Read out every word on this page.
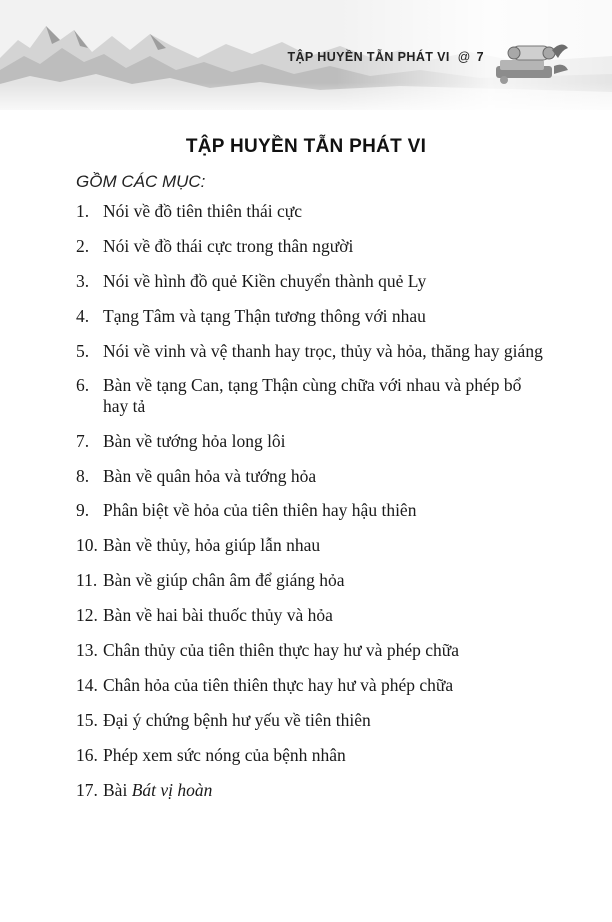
TẬP HUYỀN TẪN PHÁT VI @ 7
TẬP HUYỀN TẪN PHÁT VI
GỒM CÁC MỤC:
1. Nói về đồ tiên thiên thái cực
2. Nói về đồ thái cực trong thân người
3. Nói về hình đồ quẻ Kiền chuyển thành quẻ Ly
4. Tạng Tâm và tạng Thận tương thông với nhau
5. Nói về vinh và vệ thanh hay trọc, thủy và hỏa, thăng hay giáng
6. Bàn về tạng Can, tạng Thận cùng chữa với nhau và phép bổ hay tả
7. Bàn về tướng hỏa long lôi
8. Bàn về quân hỏa và tướng hỏa
9. Phân biệt về hỏa của tiên thiên hay hậu thiên
10. Bàn về thủy, hỏa giúp lẫn nhau
11. Bàn về giúp chân âm để giáng hỏa
12. Bàn về hai bài thuốc thủy và hỏa
13. Chân thủy của tiên thiên thực hay hư và phép chữa
14. Chân hỏa của tiên thiên thực hay hư và phép chữa
15. Đại ý chứng bệnh hư yếu về tiên thiên
16. Phép xem sức nóng của bệnh nhân
17. Bài Bát vị hoàn
